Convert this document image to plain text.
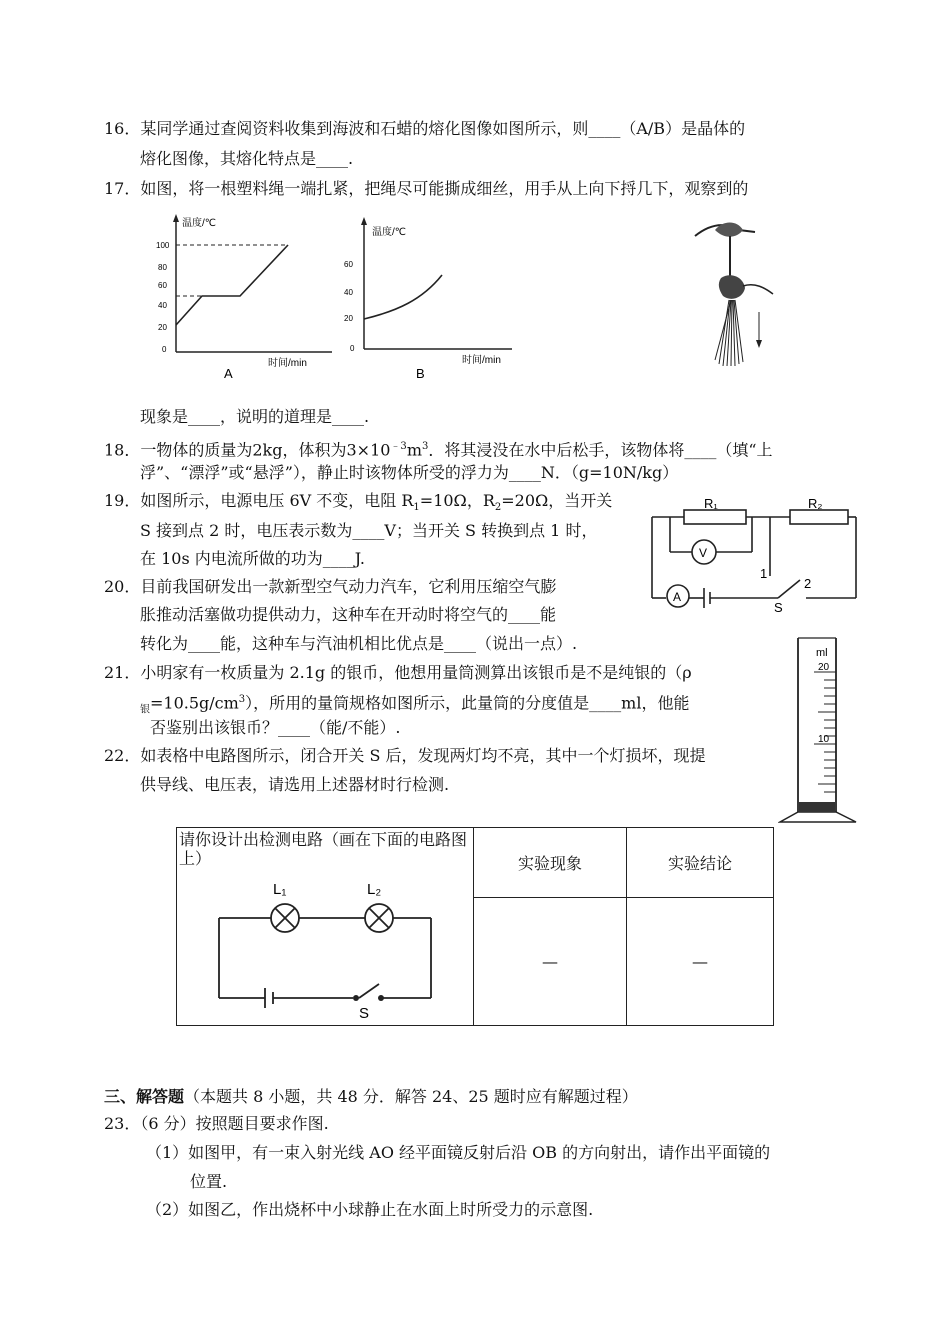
16．某同学通过查阅资料收集到海波和石蜡的熔化图像如图所示，则____（A/B）是晶体的
熔化图像，其熔化特点是____.
17．如图，将一根塑料绳一端扎紧，把绳尽可能撕成细丝，用手从上向下捋几下，观察到的
温度/℃
时间/min
100
80
60
40
20
0
A
温度/℃
时间/min
60
40
20
0
B
现象是____，说明的道理是____.
18．一物体的质量为2kg，体积为$3\times 10^{﹣3}m^3$．将其浸没在水中后松手，该物体将____（填“上
浮”、“漂浮”或“悬浮”），静止时该物体所受的浮力为____N．（g=10N/kg）
19．如图所示，电源电压 6V 不变，电阻 $R_1=10\Omega$，$R_2=20\Omega$，当开关
S 接到点 2 时，电压表示数为____V；当开关 S 转换到点 1 时，
在 10s 内电流所做的功为____J.
R₁	R₂
V
A
1
2
S
20．目前我国研发出一款新型空气动力汽车，它利用压缩空气膨
胀推动活塞做功提供动力，这种车在开动时将空气的____能
转化为____能，这种车与汽油机相比优点是____（说出一点）.
21．小明家有一枚质量为 2.1g 的银币，他想用量筒测算出该银币是不是纯银的（ρ
$_银=10.5g/cm^3$），所用的量筒规格如图所示，此量筒的分度值是____ml，他能
否鉴别出该银币？____（能/不能）.
ml
20
10
22．如表格中电路图所示，闭合开关 S 后，发现两灯均不亮，其中一个灯损坏，现提
供导线、电压表，请选用上述器材时行检测.
请你设计出检测电路（画在下面的电路图上）
L₁ L₂
S	实验现象	实验结论
	—	—
三、解答题（本题共 8 小题，共 48 分．解答 24、25 题时应有解题过程）
23．（6 分）按照题目要求作图.
（1）如图甲，有一束入射光线 AO 经平面镜反射后沿 OB 的方向射出，请作出平面镜的
位置.
（2）如图乙，作出烧杯中小球静止在水面上时所受力的示意图.
